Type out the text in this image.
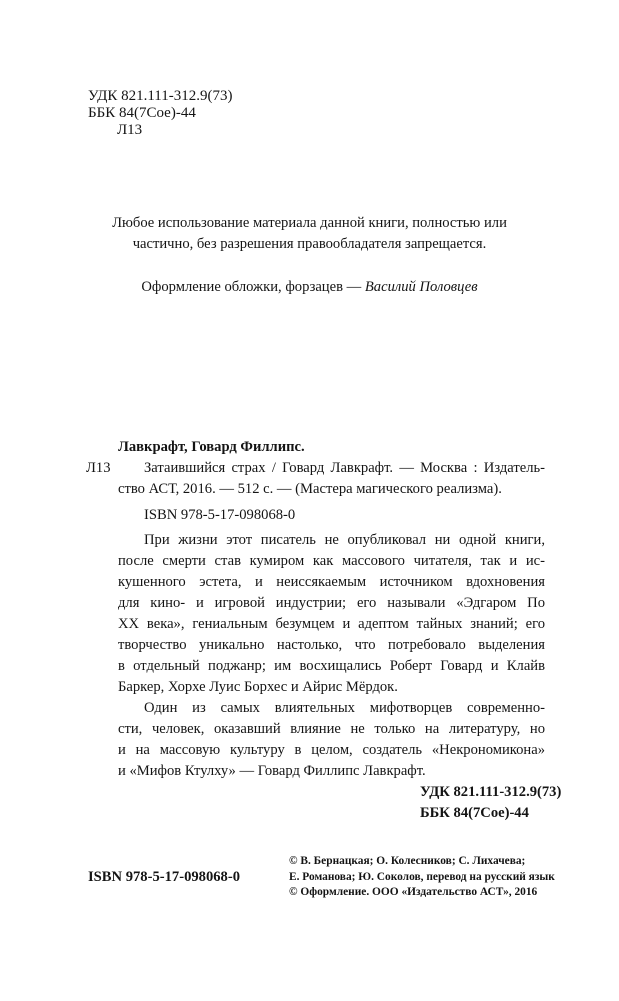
УДК 821.111-312.9(73)
ББК 84(7Сое)-44
Л13
Любое использование материала данной книги, полностью или
частично, без разрешения правообладателя запрещается.
Оформление обложки, форзацев — Василий Половцев
Лавкрафт, Говард Филлипс.
Л13 Затаившийся страх / Говард Лавкрафт. — Москва : Издатель-
ство АСТ, 2016. — 512 с. — (Мастера магического реализма).
ISBN 978-5-17-098068-0
При жизни этот писатель не опубликовал ни одной книги,
после смерти став кумиром как массового читателя, так и ис-
кушенного эстета, и неиссякаемым источником вдохновения
для кино- и игровой индустрии; его называли «Эдгаром По
XX века», гениальным безумцем и адептом тайных знаний; его
творчество уникально настолько, что потребовало выделения
в отдельный поджанр; им восхищались Роберт Говард и Клайв
Баркер, Хорхе Луис Борхес и Айрис Мёрдок.
Один из самых влиятельных мифотворцев современно-
сти, человек, оказавший влияние не только на литературу, но
и на массовую культуру в целом, создатель «Некрономикона»
и «Мифов Ктулху» — Говард Филлипс Лавкрафт.
УДК 821.111-312.9(73)
ББК 84(7Сое)-44
ISBN 978-5-17-098068-0
© В. Бернацкая; О. Колесников; С. Лихачева;
Е. Романова; Ю. Соколов, перевод на русский язык
© Оформление. ООО «Издательство АСТ», 2016
